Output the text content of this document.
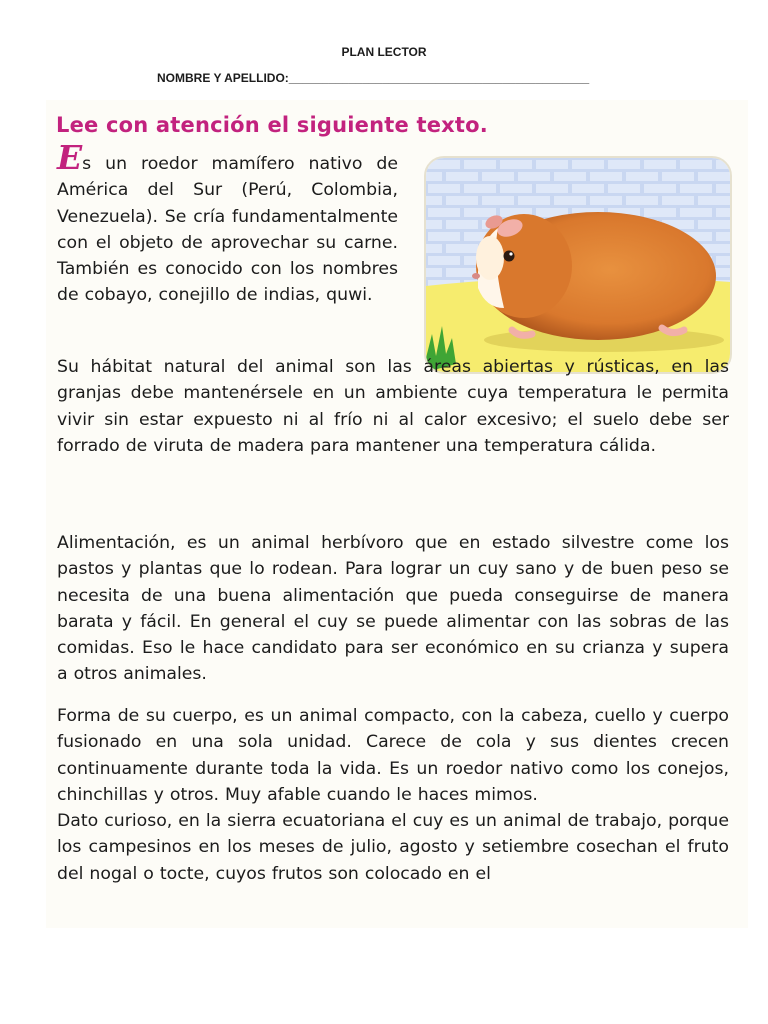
PLAN LECTOR
NOMBRE Y APELLIDO:_____________________________________________
Lee con atención el siguiente texto.

Es un roedor mamífero nativo de América del Sur (Perú, Colombia, Venezuela). Se cría fundamentalmente con el objeto de aprovechar su carne. También es conocido con los nombres de cobayo, conejillo de indias, quwi.

Su hábitat natural del animal son las áreas abiertas y rústicas, en las granjas debe mantenérsele en un ambiente cuya temperatura le permita vivir sin estar expuesto ni al frío ni al calor excesivo; el suelo debe ser forrado de viruta de madera para mantener una temperatura cálida.

Alimentación, es un animal herbívoro que en estado silvestre come los pastos y plantas que lo rodean. Para lograr un cuy sano y de buen peso se necesita de una buena alimentación que pueda conseguirse de manera barata y fácil. En general el cuy se puede alimentar con las sobras de las comidas. Eso le hace candidato para ser económico en su crianza y supera a otros animales.

Forma de su cuerpo, es un animal compacto, con la cabeza, cuello y cuerpo fusionado en una sola unidad. Carece de cola y sus dientes crecen continuamente durante toda la vida. Es un roedor nativo como los conejos, chinchillas y otros. Muy afable cuando le haces mimos.
Dato curioso, en la sierra ecuatoriana el cuy es un animal de trabajo, porque los campesinos en los meses de julio, agosto y setiembre cosechan el fruto del nogal o tocte, cuyos frutos son colocado en el
